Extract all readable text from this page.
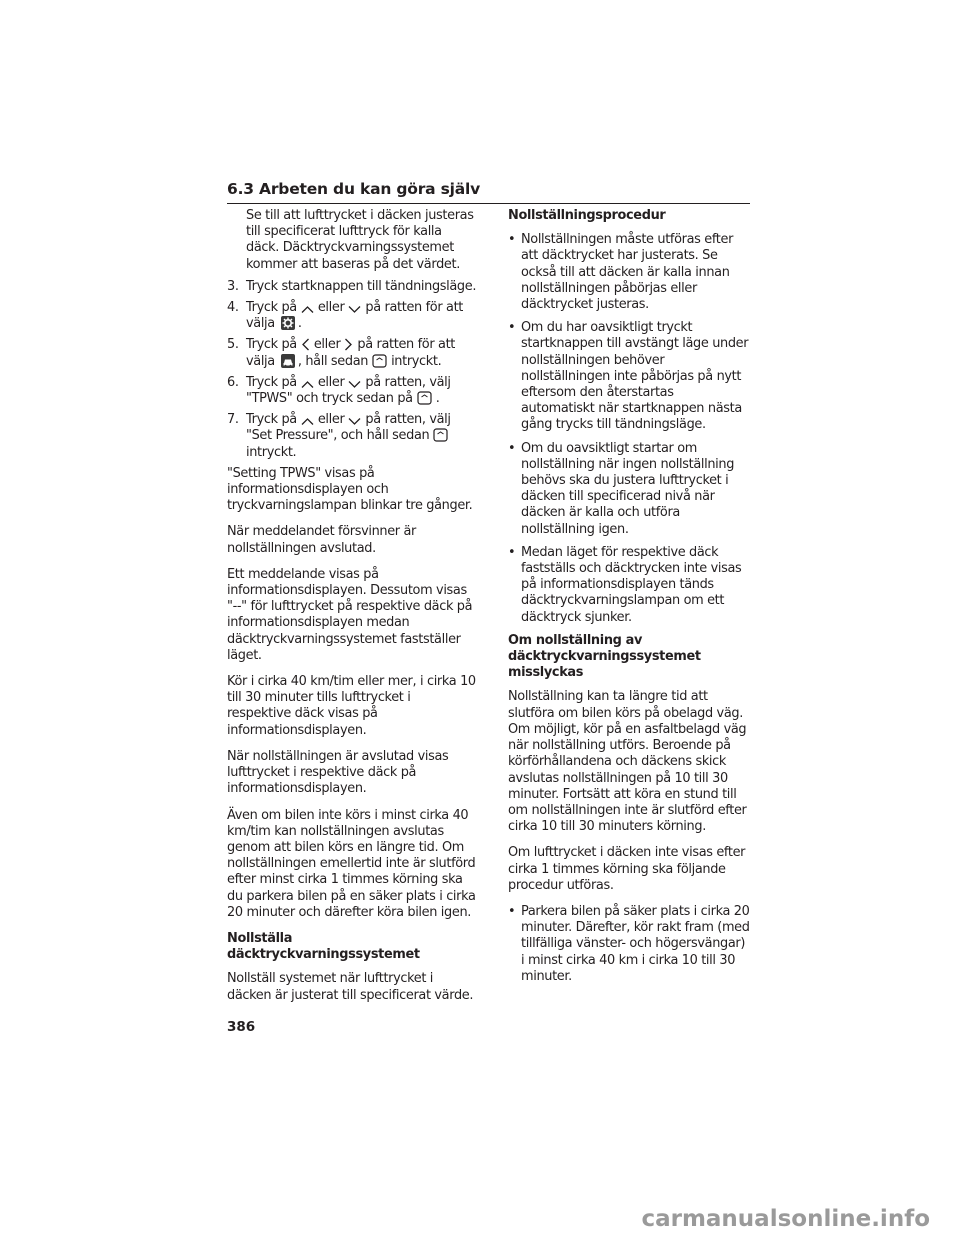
6.3 Arbeten du kan göra själv

Se till att lufttrycket i däcken justeras till specificerat lufttryck för kalla däck. Däcktryckvarningssystemet kommer att baseras på det värdet.

3. Tryck startknappen till tändningsläge.
4. Tryck på eller på ratten för att välja .
5. Tryck på eller på ratten för att välja , håll sedan intryckt.
6. Tryck på eller på ratten, välj "TPWS" och tryck sedan på .
7. Tryck på eller på ratten, välj "Set Pressure", och håll sedan

intryckt.

"Setting TPWS" visas på informationsdisplayen och tryckvarningslampan blinkar tre gånger.

När meddelandet försvinner är nollställningen avslutad.

Ett meddelande visas på informationsdisplayen. Dessutom visas "--" för lufttrycket på respektive däck på informationsdisplayen medan däcktryckvarningssystemet fastställer läget.

Kör i cirka 40 km/tim eller mer, i cirka 10 till 30 minuter tills lufttrycket i respektive däck visas på informationsdisplayen.

När nollställningen är avslutad visas lufttrycket i respektive däck på informationsdisplayen.

Även om bilen inte körs i minst cirka 40 km/tim kan nollställningen avslutas genom att bilen körs en längre tid. Om nollställningen emellertid inte är slutförd efter minst cirka 1 timmes körning ska du parkera bilen på en säker plats i cirka 20 minuter och därefter köra bilen igen.

Nollställa däcktryckvarningssystemet

Nollställ systemet när lufttrycket i däcken är justerat till specificerat värde.

Nollställningsprocedur

• Nollställningen måste utföras efter att däcktrycket har justerats. Se också till att däcken är kalla innan nollställningen påbörjas eller däcktrycket justeras.
• Om du har oavsiktligt tryckt startknappen till avstängt läge under nollställningen behöver nollställningen inte påbörjas på nytt eftersom den återstartas automatiskt när startknappen nästa gång trycks till tändningsläge.
• Om du oavsiktligt startar om nollställning när ingen nollställning behövs ska du justera lufttrycket i däcken till specificerad nivå när däcken är kalla och utföra nollställning igen.
• Medan läget för respektive däck fastställs och däcktrycken inte visas på informationsdisplayen tänds däcktryckvarningslampan om ett däcktryck sjunker.

Om nollställning av däcktryckvarningssystemet misslyckas

Nollställning kan ta längre tid att slutföra om bilen körs på obelagd väg. Om möjligt, kör på en asfaltbelagd väg när nollställning utförs. Beroende på körförhållandena och däckens skick avslutas nollställningen på 10 till 30 minuter. Fortsätt att köra en stund till om nollställningen inte är slutförd efter cirka 10 till 30 minuters körning.

Om lufttrycket i däcken inte visas efter cirka 1 timmes körning ska följande procedur utföras.

• Parkera bilen på säker plats i cirka 20 minuter. Därefter, kör rakt fram (med tillfälliga vänster- och högersvängar) i minst cirka 40 km i cirka 10 till 30 minuter.
386
carmanualsonline.info
